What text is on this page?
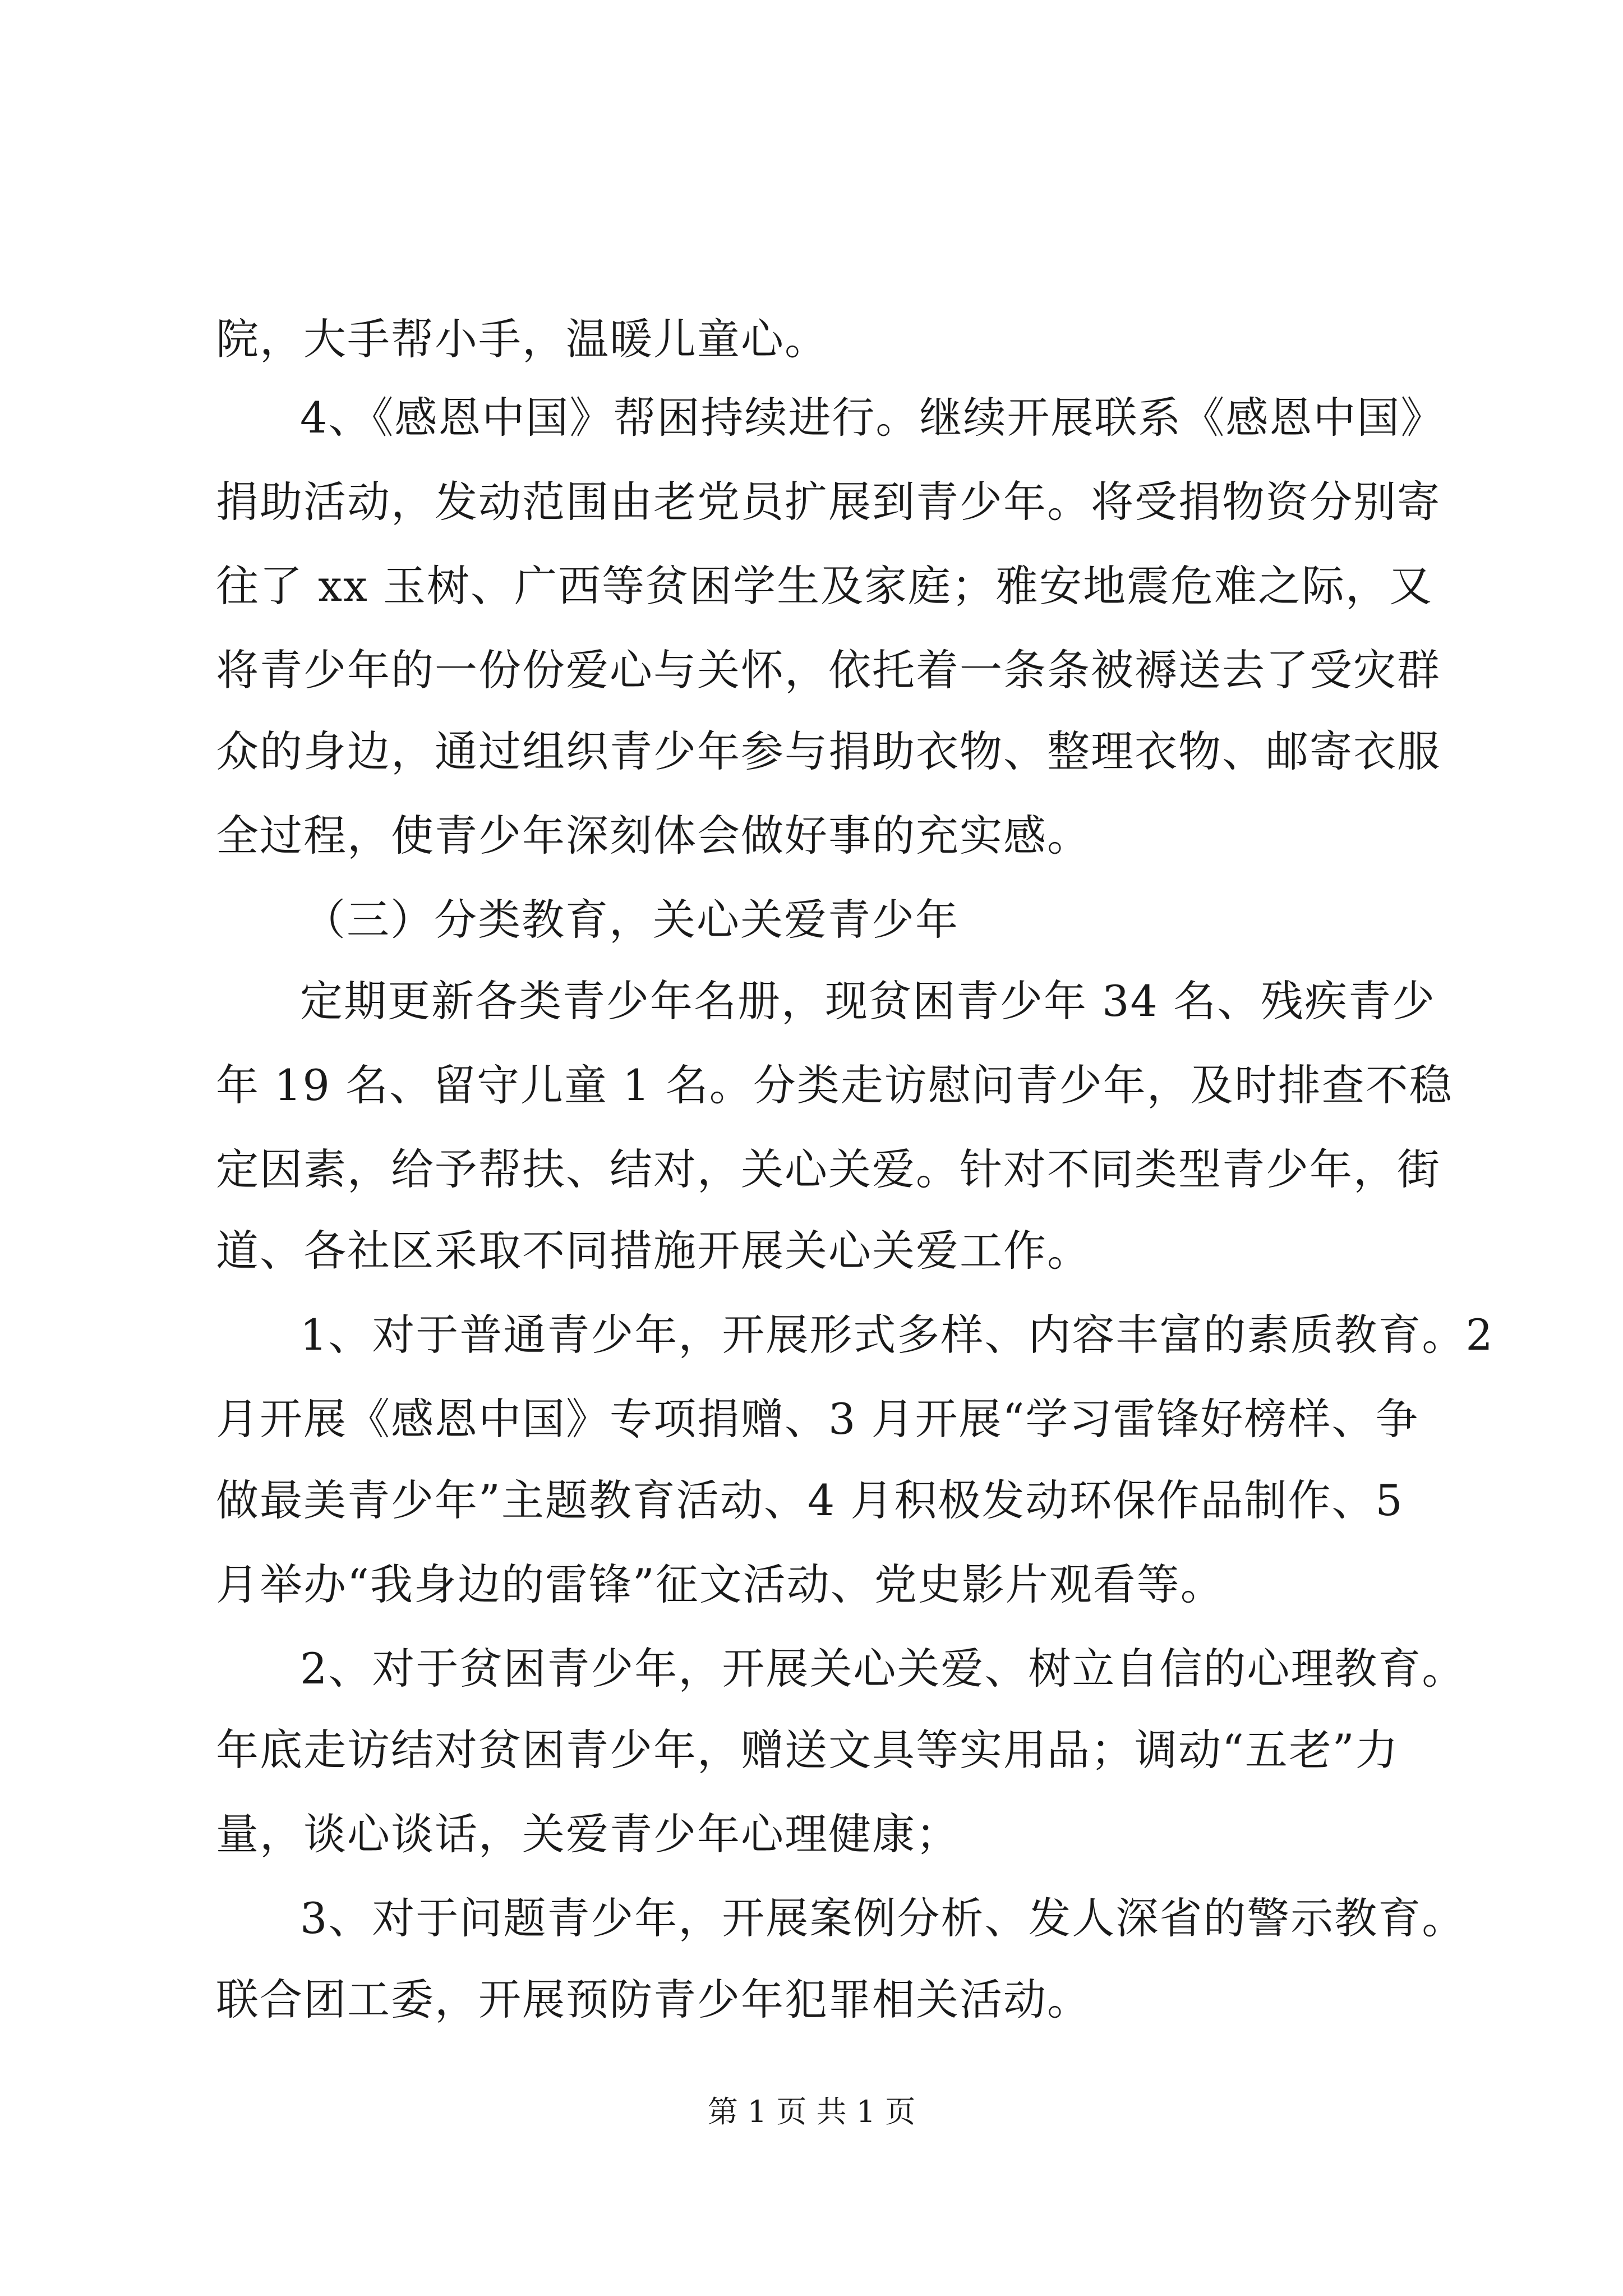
院，大手帮小手，温暖儿童心。
4、《感恩中国》帮困持续进行。继续开展联系《感恩中国》
捐助活动，发动范围由老党员扩展到青少年。将受捐物资分别寄
往了 xx 玉树、广西等贫困学生及家庭；雅安地震危难之际，又
将青少年的一份份爱心与关怀，依托着一条条被褥送去了受灾群
众的身边，通过组织青少年参与捐助衣物、整理衣物、邮寄衣服
全过程，使青少年深刻体会做好事的充实感。
（三）分类教育，关心关爱青少年
定期更新各类青少年名册，现贫困青少年 34 名、残疾青少
年 19 名、留守儿童 1 名。分类走访慰问青少年，及时排查不稳
定因素，给予帮扶、结对，关心关爱。针对不同类型青少年，街
道、各社区采取不同措施开展关心关爱工作。
1、对于普通青少年，开展形式多样、内容丰富的素质教育。2
月开展《感恩中国》专项捐赠、3 月开展“学习雷锋好榜样、争
做最美青少年”主题教育活动、4 月积极发动环保作品制作、5
月举办“我身边的雷锋”征文活动、党史影片观看等。
2、对于贫困青少年，开展关心关爱、树立自信的心理教育。
年底走访结对贫困青少年，赠送文具等实用品；调动“五老”力
量，谈心谈话，关爱青少年心理健康；
3、对于问题青少年，开展案例分析、发人深省的警示教育。
联合团工委，开展预防青少年犯罪相关活动。
第 1 页 共 1 页
